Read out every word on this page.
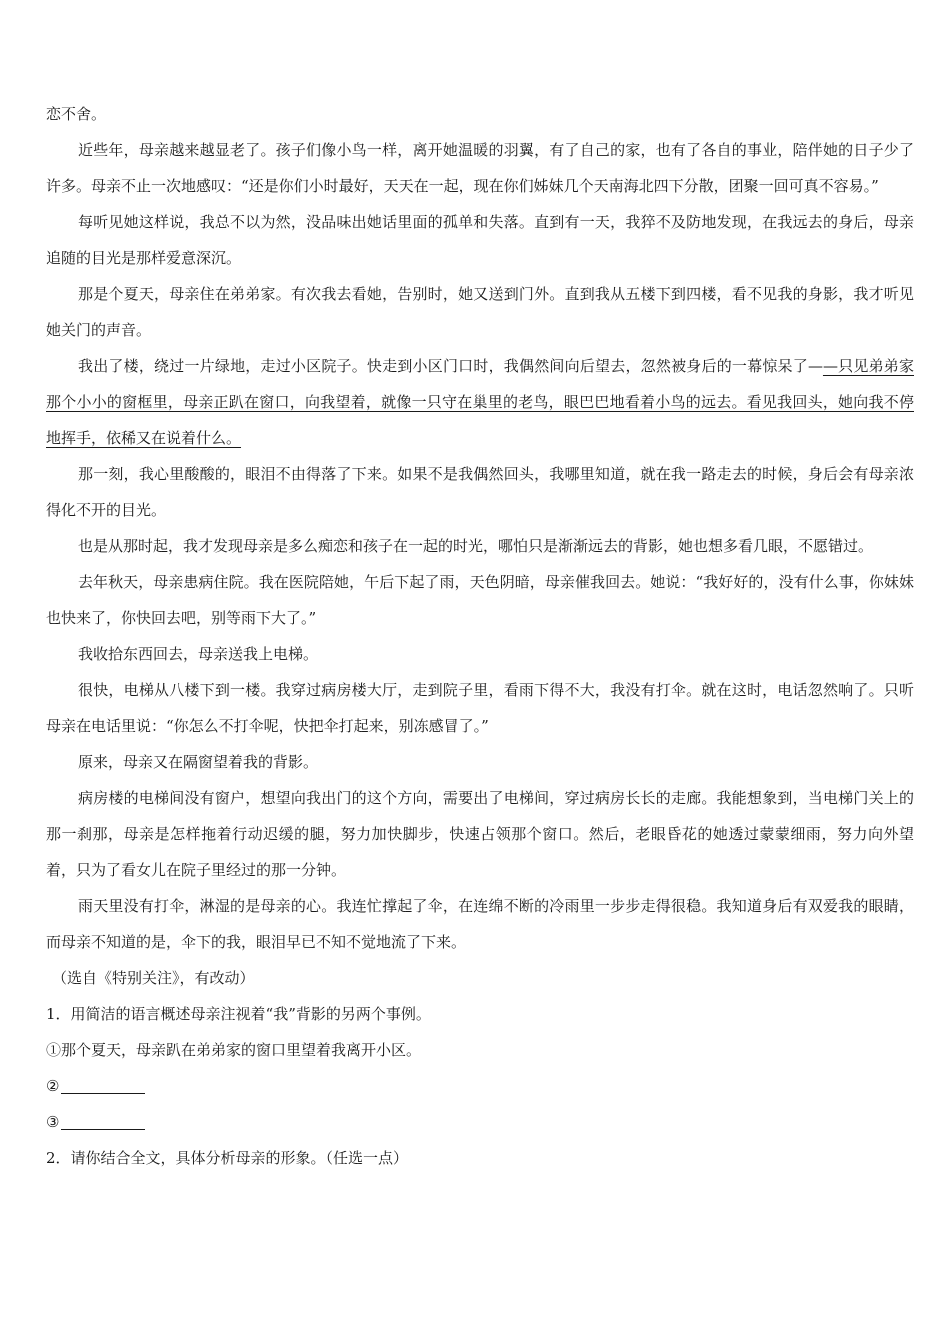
恋不舍。

近些年，母亲越来越显老了。孩子们像小鸟一样，离开她温暖的羽翼，有了自己的家，也有了各自的事业，陪伴她的日子少了许多。母亲不止一次地感叹：“还是你们小时最好，天天在一起，现在你们姊妹几个天南海北四下分散，团聚一回可真不容易。”

每听见她这样说，我总不以为然，没品味出她话里面的孤单和失落。直到有一天，我猝不及防地发现，在我远去的身后，母亲追随的目光是那样爱意深沉。

那是个夏天，母亲住在弟弟家。有次我去看她，告别时，她又送到门外。直到我从五楼下到四楼，看不见我的身影，我才听见她关门的声音。

我出了楼，绕过一片绿地，走过小区院子。快走到小区门口时，我偶然间向后望去，忽然被身后的一幕惊呆了——只见弟弟家那个小小的窗框里，母亲正趴在窗口，向我望着，就像一只守在巢里的老鸟，眼巴巴地看着小鸟的远去。看见我回头，她向我不停地挥手，依稀又在说着什么。

那一刻，我心里酸酸的，眼泪不由得落了下来。如果不是我偶然回头，我哪里知道，就在我一路走去的时候，身后会有母亲浓得化不开的目光。

也是从那时起，我才发现母亲是多么痴恋和孩子在一起的时光，哪怕只是渐渐远去的背影，她也想多看几眼，不愿错过。

去年秋天，母亲患病住院。我在医院陪她，午后下起了雨，天色阴暗，母亲催我回去。她说：“我好好的，没有什么事，你妹妹也快来了，你快回去吧，别等雨下大了。”

我收拾东西回去，母亲送我上电梯。

很快，电梯从八楼下到一楼。我穿过病房楼大厅，走到院子里，看雨下得不大，我没有打伞。就在这时，电话忽然响了。只听母亲在电话里说：“你怎么不打伞呢，快把伞打起来，别冻感冒了。”

原来，母亲又在隔窗望着我的背影。

病房楼的电梯间没有窗户，想望向我出门的这个方向，需要出了电梯间，穿过病房长长的走廊。我能想象到，当电梯门关上的那一刹那，母亲是怎样拖着行动迟缓的腿，努力加快脚步，快速占领那个窗口。然后，老眼昏花的她透过蒙蒙细雨，努力向外望着，只为了看女儿在院子里经过的那一分钟。

雨天里没有打伞，淋湿的是母亲的心。我连忙撑起了伞，在连绵不断的冷雨里一步步走得很稳。我知道身后有双爱我的眼睛，而母亲不知道的是，伞下的我，眼泪早已不知不觉地流了下来。

（选自《特别关注》，有改动）

1．用简洁的语言概述母亲注视着“我”背影的另两个事例。

①那个夏天，母亲趴在弟弟家的窗口里望着我离开小区。

②

③

2．请你结合全文，具体分析母亲的形象。（任选一点）
